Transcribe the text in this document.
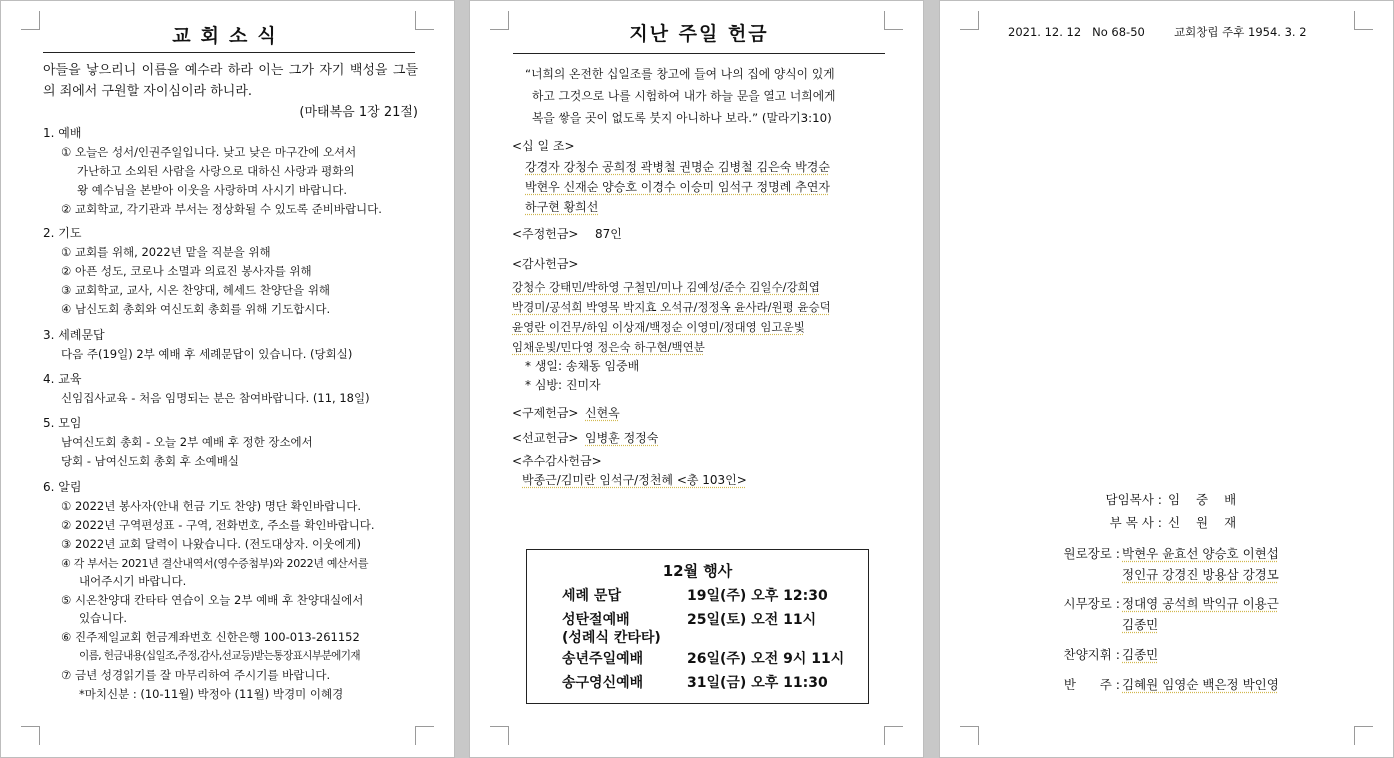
교회소식
아들을 낳으리니 이름을 예수라 하라 이는 그가 자기 백성을 그들의 죄에서 구원할 자이심이라 하니라.
(마태복음 1장 21절)
1. 예배
① 오늘은 성서/인권주일입니다. 낮고 낮은 마구간에 오셔서
가난하고 소외된 사람을 사랑으로 대하신 사랑과 평화의
왕 예수님을 본받아 이웃을 사랑하며 사시기 바랍니다.
② 교회학교, 각기관과 부서는 정상화될 수 있도록 준비바랍니다.
2. 기도
① 교회를 위해, 2022년 맡을 직분을 위해
② 아픈 성도, 코로나 소멸과 의료진 봉사자를 위해
③ 교회학교, 교사, 시온 찬양대, 헤세드 찬양단을 위해
④ 남신도회 총회와 여신도회 총회를 위해 기도합시다.
3. 세례문답
다음 주(19일) 2부 예배 후 세례문답이 있습니다. (당회실)
4. 교육
신임집사교육 - 처음 임명되는 분은 참여바랍니다. (11, 18일)
5. 모임
남여신도회 총회 - 오늘 2부 예배 후 정한 장소에서
당회 - 남여신도회 총회 후 소예배실
6. 알림
① 2022년 봉사자(안내 헌금 기도 찬양) 명단 확인바랍니다.
② 2022년 구역편성표 - 구역, 전화번호, 주소를 확인바랍니다.
③ 2022년 교회 달력이 나왔습니다. (전도대상자. 이웃에게)
④ 각 부서는 2021년 결산내역서(영수증첨부)와 2022년 예산서를
내어주시기 바랍니다.
⑤ 시온찬양대 칸타타 연습이 오늘 2부 예배 후 찬양대실에서
있습니다.
⑥ 진주제일교회 헌금계좌번호 신한은행 100-013-261152
이름, 헌금내용(십일조,주정,감사,선교등)받는통장표시부분에기재
⑦ 금년 성경읽기를 잘 마무리하여 주시기를 바랍니다.
*마치신분 : (10-11월) 박정아 (11월) 박경미 이혜경
지난 주일 헌금
“너희의 온전한 십일조를 창고에 들여 나의 집에 양식이 있게
하고 그것으로 나를 시험하여 내가 하늘 문을 열고 너희에게
복을 쌓을 곳이 없도록 붓지 아니하나 보라.” (말라기3:10)
<십 일 조>
강경자 강청수 공희정 곽병철 권명순 김병철 김은숙 박경순
박현우 신재순 양승호 이경수 이승미 임석구 정명례 추연자
하구현 황희선
<주정헌금> 87인
<감사헌금>
강청수 강태민/박하영 구철민/미나 김예성/준수 김일수/강희엽
박경미/공석희 박영목 박지효 오석규/정정옥 윤사라/원평 윤승덕
윤영란 이건무/하임 이상재/백정순 이영미/정대영 임고운빛
임채운빛/민다영 정은숙 하구현/백연분
* 생일: 송채동 임중배
* 심방: 진미자
<구제헌금> 신현옥
<선교헌금> 임병훈 정정숙
<추수감사헌금>
박종근/김미란 임석구/정천혜 <총 103인>
12월 행사
세례 문답	19일(주) 오후 12:30
성탄절예배	25일(토) 오전 11시
(성례식 칸타타)
송년주일예배	26일(주) 오전 9시 11시
송구영신예배	31일(금) 오후 11:30
2021. 12. 12   No 68-50        교회창립 주후 1954. 3. 2
담임목사 : 임 중 배
부 목 사 : 신 원 재
원로장로 : 박현우 윤효선 양승호 이현섭
정인규 강경진 방용삼 강경모
시무장로 : 정대영 공석희 박익규 이용근
김종민
찬양지휘 : 김종민
반      주 : 김혜원 임영순 백은정 박인영
